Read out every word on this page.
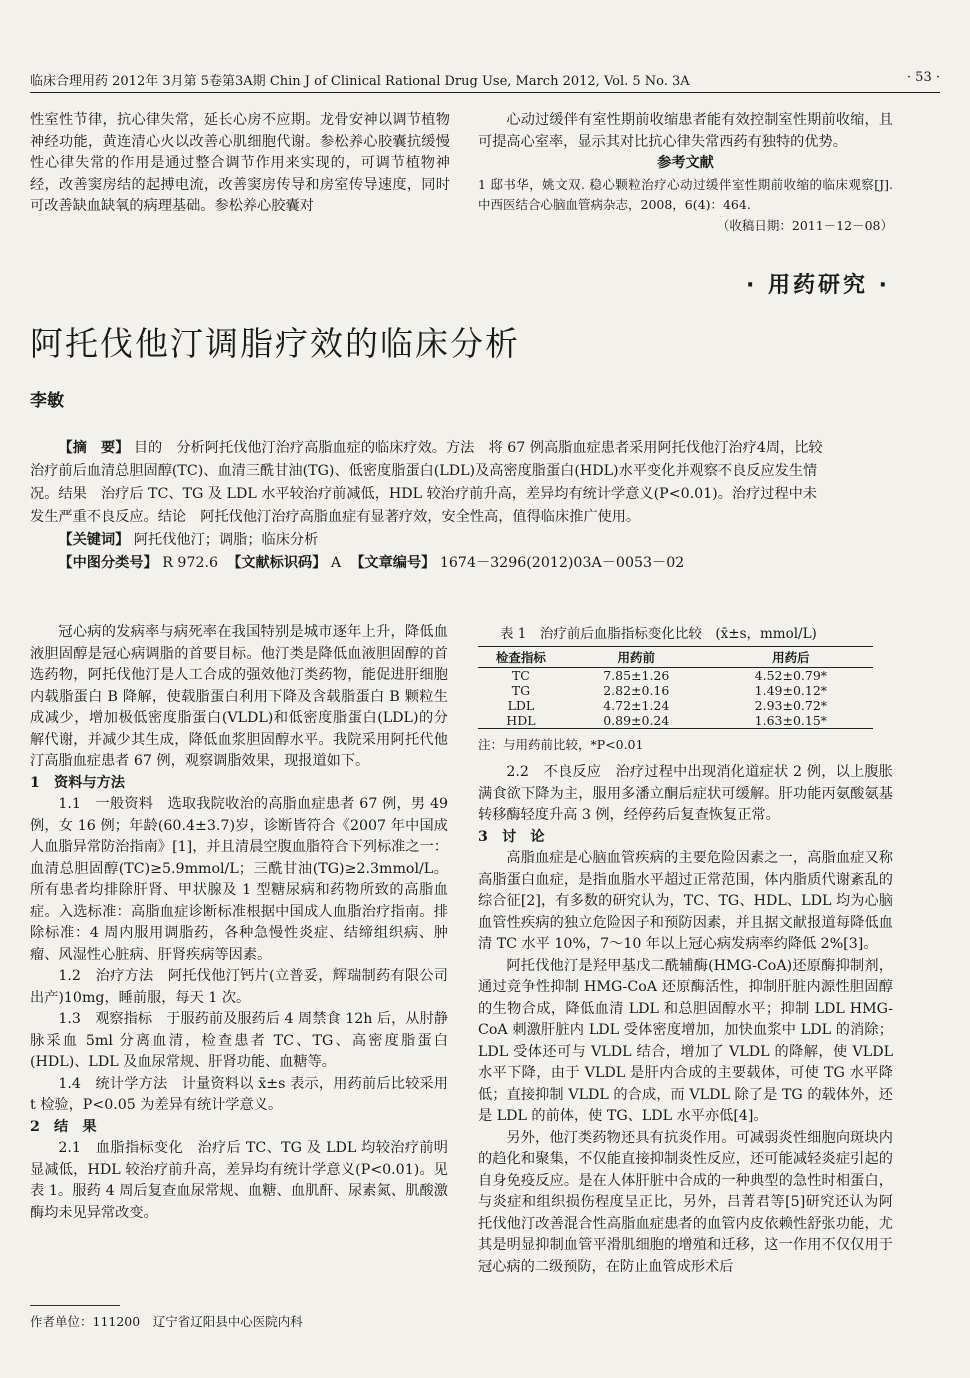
临床合理用药 2012年 3月第 5卷第3A期 Chin J of Clinical Rational Drug Use, March 2012, Vol. 5 No. 3A	· 53 ·

性室性节律，抗心律失常，延长心房不应期。龙骨安神以调节植物神经功能，黄连清心火以改善心肌细胞代谢。参松养心胶囊抗缓慢性心律失常的作用是通过整合调节作用来实现的，可调节植物神经，改善窦房结的起搏电流，改善窦房传导和房室传导速度，同时可改善缺血缺氧的病理基础。参松养心胶囊对

心动过缓伴有室性期前收缩患者能有效控制室性期前收缩，且可提高心室率，显示其对比抗心律失常西药有独特的优势。

参考文献

1 邸书华，姚文双. 稳心颗粒治疗心动过缓伴室性期前收缩的临床观察[J]. 中西医结合心脑血管病杂志，2008，6(4)：464.

（收稿日期：2011－12－08）

· 用药研究 ·
阿托伐他汀调脂疗效的临床分析
李敏

【摘　要】 目的　分析阿托伐他汀治疗高脂血症的临床疗效。方法　将 67 例高脂血症患者采用阿托伐他汀治疗4周，比较治疗前后血清总胆固醇(TC)、血清三酰甘油(TG)、低密度脂蛋白(LDL)及高密度脂蛋白(HDL)水平变化并观察不良反应发生情况。结果　治疗后 TC、TG 及 LDL 水平较治疗前减低，HDL 较治疗前升高，差异均有统计学意义(P<0.01)。治疗过程中未发生严重不良反应。结论　阿托伐他汀治疗高脂血症有显著疗效，安全性高，值得临床推广使用。

【关键词】 阿托伐他汀；调脂；临床分析

【中图分类号】 R 972.6 【文献标识码】 A 【文章编号】 1674－3296(2012)03A－0053－02

冠心病的发病率与病死率在我国特别是城市逐年上升，降低血液胆固醇是冠心病调脂的首要目标。他汀类是降低血液胆固醇的首选药物，阿托伐他汀是人工合成的强效他汀类药物，能促进肝细胞内载脂蛋白 B 降解，使载脂蛋白利用下降及含载脂蛋白 B 颗粒生成减少，增加极低密度脂蛋白(VLDL)和低密度脂蛋白(LDL)的分解代谢，并减少其生成，降低血浆胆固醇水平。我院采用阿托代他汀高脂血症患者 67 例，观察调脂效果，现报道如下。

1　资料与方法

1.1　一般资料　选取我院收治的高脂血症患者 67 例，男 49 例，女 16 例；年龄(60.4±3.7)岁，诊断皆符合《2007 年中国成人血脂异常防治指南》[1]，并且清晨空腹血脂符合下列标准之一：血清总胆固醇(TC)≥5.9mmol/L；三酰甘油(TG)≥2.3mmol/L。所有患者均排除肝肾、甲状腺及 1 型糖尿病和药物所致的高脂血症。入选标准：高脂血症诊断标准根据中国成人血脂治疗指南。排除标准：4 周内服用调脂药，各种急慢性炎症、结缔组织病、肿瘤、风湿性心脏病、肝肾疾病等因素。

1.2　治疗方法　阿托伐他汀钙片(立普妥，辉瑞制药有限公司出产)10mg，睡前服，每天 1 次。

1.3　观察指标　于服药前及服药后 4 周禁食 12h 后，从肘静脉采血 5ml 分离血清，检查患者 TC、TG、高密度脂蛋白(HDL)、LDL 及血尿常规、肝肾功能、血糖等。

1.4　统计学方法　计量资料以 x̄±s 表示，用药前后比较采用 t 检验，P<0.05 为差异有统计学意义。

2　结　果

2.1　血脂指标变化　治疗后 TC、TG 及 LDL 均较治疗前明显减低，HDL 较治疗前升高，差异均有统计学意义(P<0.01)。见表 1。服药 4 周后复查血尿常规、血糖、血肌酐、尿素氮、肌酸激酶均未见异常改变。

作者单位：111200　辽宁省辽阳县中心医院内科
表 1　治疗前后血脂指标变化比较　(x̄±s，mmol/L)
检查指标	用药前	用药后
TC	7.85±1.26	4.52±0.79*
TG	2.82±0.16	1.49±0.12*
LDL	4.72±1.24	2.93±0.72*
HDL	0.89±0.24	1.63±0.15*
注：与用药前比较，*P<0.01

2.2　不良反应　治疗过程中出现消化道症状 2 例，以上腹胀满食欲下降为主，服用多潘立酮后症状可缓解。肝功能丙氨酸氨基转移酶轻度升高 3 例，经停药后复查恢复正常。

3　讨　论

高脂血症是心脑血管疾病的主要危险因素之一，高脂血症又称高脂蛋白血症，是指血脂水平超过正常范围，体内脂质代谢紊乱的综合征[2]，有多数的研究认为，TC、TG、HDL、LDL 均为心脑血管性疾病的独立危险因子和预防因素，并且据文献报道每降低血清 TC 水平 10%，7～10 年以上冠心病发病率约降低 2%[3]。

阿托伐他汀是羟甲基戊二酰辅酶(HMG-CoA)还原酶抑制剂，通过竞争性抑制 HMG-CoA 还原酶活性，抑制肝脏内源性胆固醇的生物合成，降低血清 LDL 和总胆固醇水平；抑制 LDL HMG-CoA 刺激肝脏内 LDL 受体密度增加，加快血浆中 LDL 的消除；LDL 受体还可与 VLDL 结合，增加了 VLDL 的降解，使 VLDL 水平下降，由于 VLDL 是肝内合成的主要载体，可使 TG 水平降低；直接抑制 VLDL 的合成，而 VLDL 除了是 TG 的载体外，还是 LDL 的前体，使 TG、LDL 水平亦低[4]。

另外，他汀类药物还具有抗炎作用。可减弱炎性细胞向斑块内的趋化和聚集，不仅能直接抑制炎性反应，还可能减轻炎症引起的自身免疫反应。是在人体肝脏中合成的一种典型的急性时相蛋白，与炎症和组织损伤程度呈正比，另外，吕菁君等[5]研究还认为阿托伐他汀改善混合性高脂血症患者的血管内皮依赖性舒张功能，尤其是明显抑制血管平滑肌细胞的增殖和迁移，这一作用不仅仅用于冠心病的二级预防，在防止血管成形术后
